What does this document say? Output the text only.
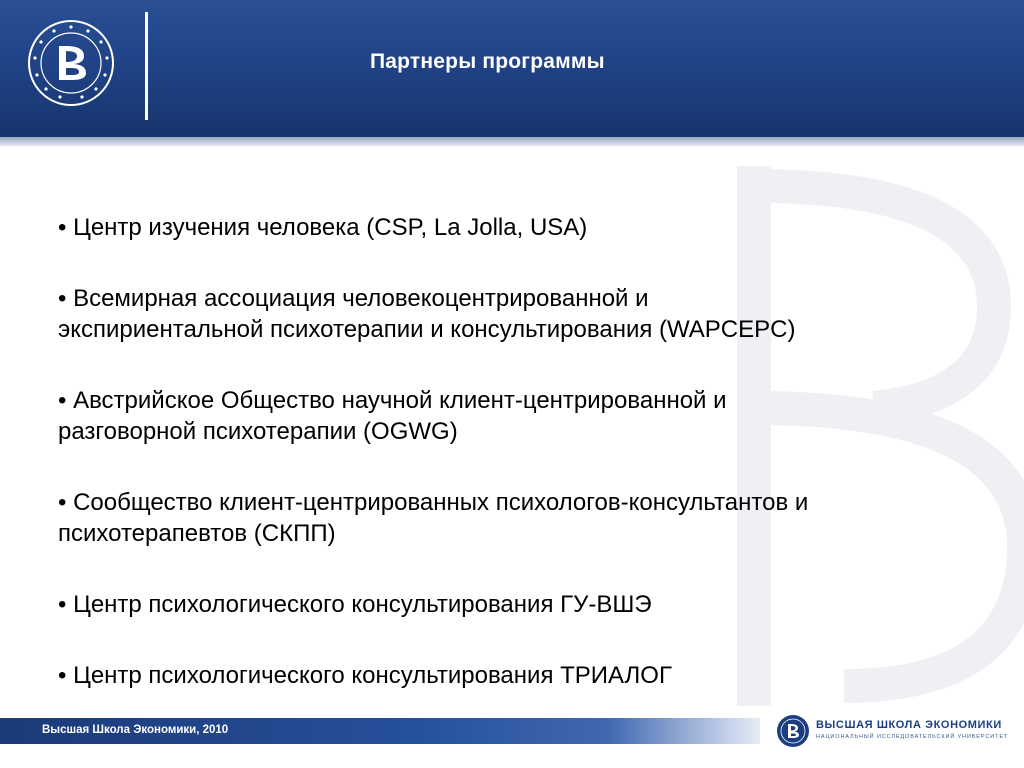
Партнеры программы
• Центр изучения человека (CSP, La Jolla, USA)
• Всемирная ассоциация человекоцентрированной и
экспириентальной психотерапии и консультирования (WAPCEPC)
• Австрийское Общество научной клиент-центрированной и
разговорной психотерапии (OGWG)
• Сообщество клиент-центрированных психологов-консультантов и
психотерапевтов (СКПП)
• Центр психологического консультирования ГУ-ВШЭ
• Центр психологического консультирования ТРИАЛОГ
Высшая Школа Экономики, 2010	ВЫСШАЯ ШКОЛА ЭКОНОМИКИ
НАЦИОНАЛЬНЫЙ ИССЛЕДОВАТЕЛЬСКИЙ УНИВЕРСИТЕТ
